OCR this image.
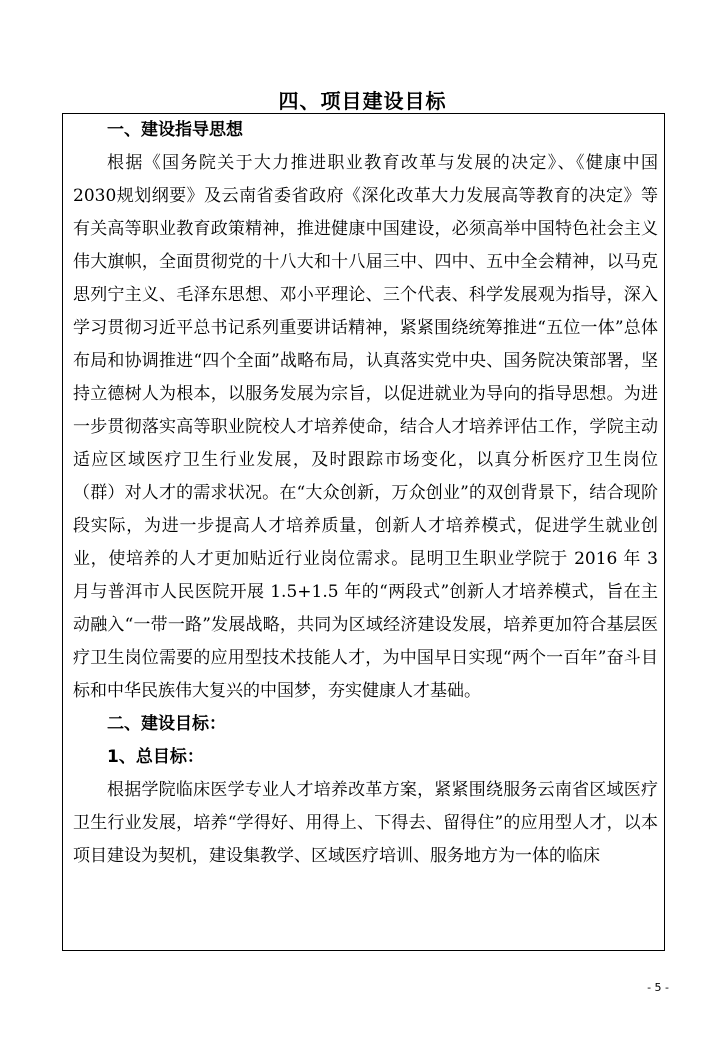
四、项目建设目标

一、建设指导思想

根据《国务院关于大力推进职业教育改革与发展的决定》、《健康中国2030规划纲要》及云南省委省政府《深化改革大力发展高等教育的决定》等有关高等职业教育政策精神，推进健康中国建设，必须高举中国特色社会主义伟大旗帜，全面贯彻党的十八大和十八届三中、四中、五中全会精神，以马克思列宁主义、毛泽东思想、邓小平理论、三个代表、科学发展观为指导，深入学习贯彻习近平总书记系列重要讲话精神，紧紧围绕统筹推进“五位一体”总体布局和协调推进“四个全面”战略布局，认真落实党中央、国务院决策部署，坚持立德树人为根本，以服务发展为宗旨，以促进就业为导向的指导思想。为进一步贯彻落实高等职业院校人才培养使命，结合人才培养评估工作，学院主动适应区域医疗卫生行业发展，及时跟踪市场变化，以真分析医疗卫生岗位（群）对人才的需求状况。在“大众创新，万众创业”的双创背景下，结合现阶段实际，为进一步提高人才培养质量，创新人才培养模式，促进学生就业创业，使培养的人才更加贴近行业岗位需求。昆明卫生职业学院于 2016 年 3 月与普洱市人民医院开展 1.5+1.5 年的“两段式”创新人才培养模式，旨在主动融入“一带一路”发展战略，共同为区域经济建设发展，培养更加符合基层医疗卫生岗位需要的应用型技术技能人才，为中国早日实现“两个一百年”奋斗目标和中华民族伟大复兴的中国梦，夯实健康人才基础。

二、建设目标：

1、总目标：

根据学院临床医学专业人才培养改革方案，紧紧围绕服务云南省区域医疗卫生行业发展，培养“学得好、用得上、下得去、留得住”的应用型人才，以本项目建设为契机，建设集教学、区域医疗培训、服务地方为一体的临床

- 5 -
